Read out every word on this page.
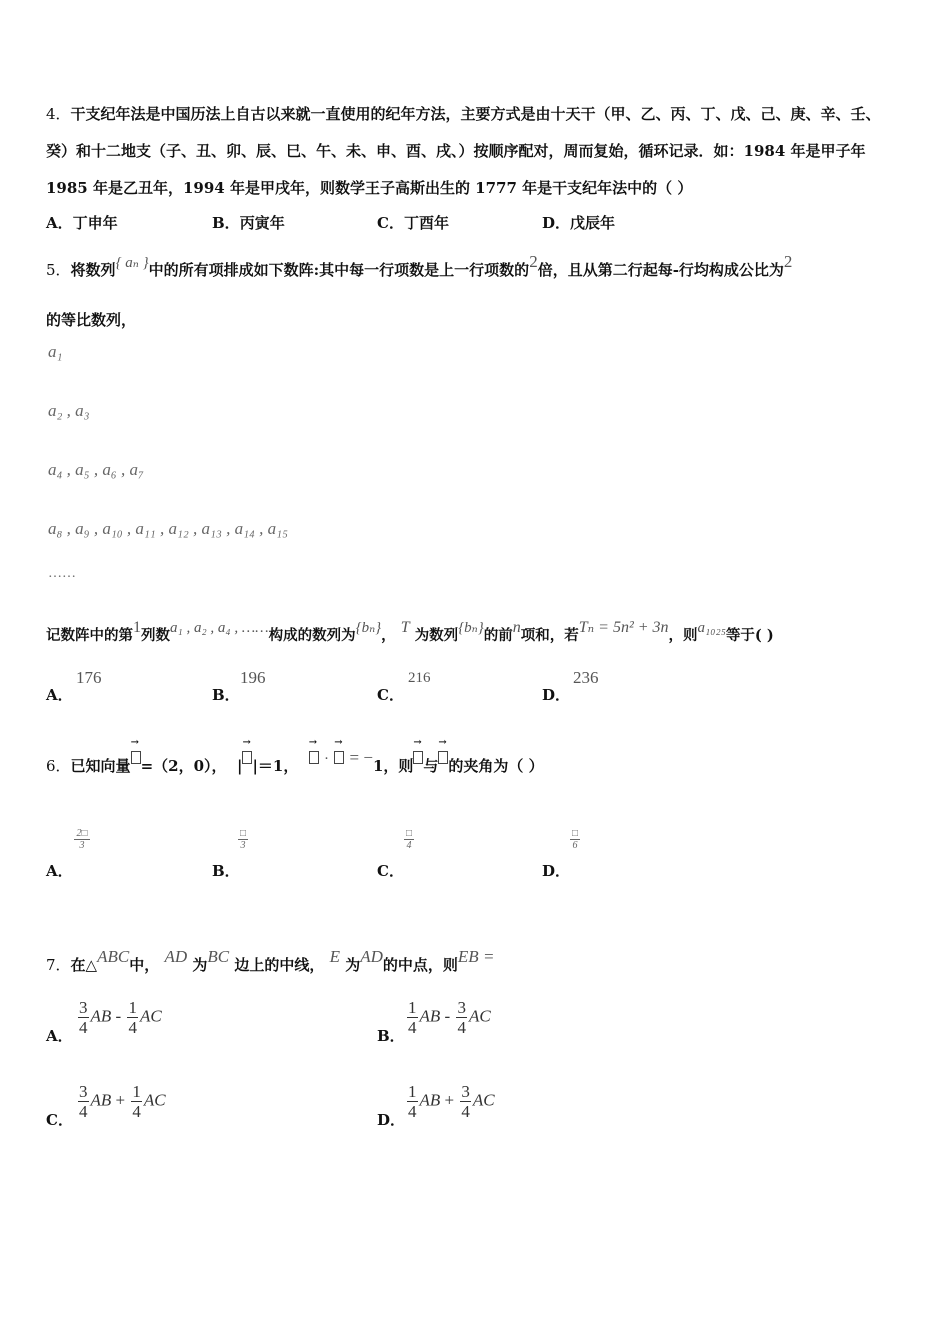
4．干支纪年法是中国历法上自古以来就一直使用的纪年方法，主要方式是由十天干（甲、乙、丙、丁、戊、己、庚、辛、壬、
癸）和十二地支（子、丑、卯、辰、巳、午、未、申、酉、戌、）按顺序配对，周而复始，循环记录．如：1984 年是甲子年
1985 年是乙丑年，1994 年是甲戌年，则数学王子高斯出生的 1777 年是干支纪年法中的（ ）
A．丁申年	B．丙寅年	C．丁酉年	D．戊辰年
5．将数列{ aₙ }中的所有项排成如下数阵:其中每一行项数是上一行项数的2倍，且从第二行起每-行均构成公比为2
的等比数列，
a₁
a₂ , a₃
a₄ , a₅ , a₆ , a₇
a₈ , a₉ , a₁₀ , a₁₁ , a₁₂ , a₁₃ , a₁₄ , a₁₅
……
记数阵中的第1列数a₁ , a₂ , a₄ , ……构成的数列为{bₙ}， T 为数列{bₙ}的前n项和，若Tₙ = 5n² + 3n，则a₁₀₂₅等于( )
A．
176
B．
196
C．
216
D．
236
6．已知向量 → =（2，0）， | → |＝1， → · → = −1，则 → 与 → 的夹角为（ ）
A．
$\frac{2□}{3}$
B．
□
3
C．
□
4
D．
□
6
7．在△ABC中， AD 为BC 边上的中线， E 为AD的中点，则EB =
A． $\frac{3}{4}$ AB - $\frac{1}{4}$ AC
B． $\frac{1}{4}$ AB - $\frac{3}{4}$ AC
C． $\frac{3}{4}$ AB + $\frac{1}{4}$ AC
D． $\frac{1}{4}$ AB + $\frac{3}{4}$ AC
